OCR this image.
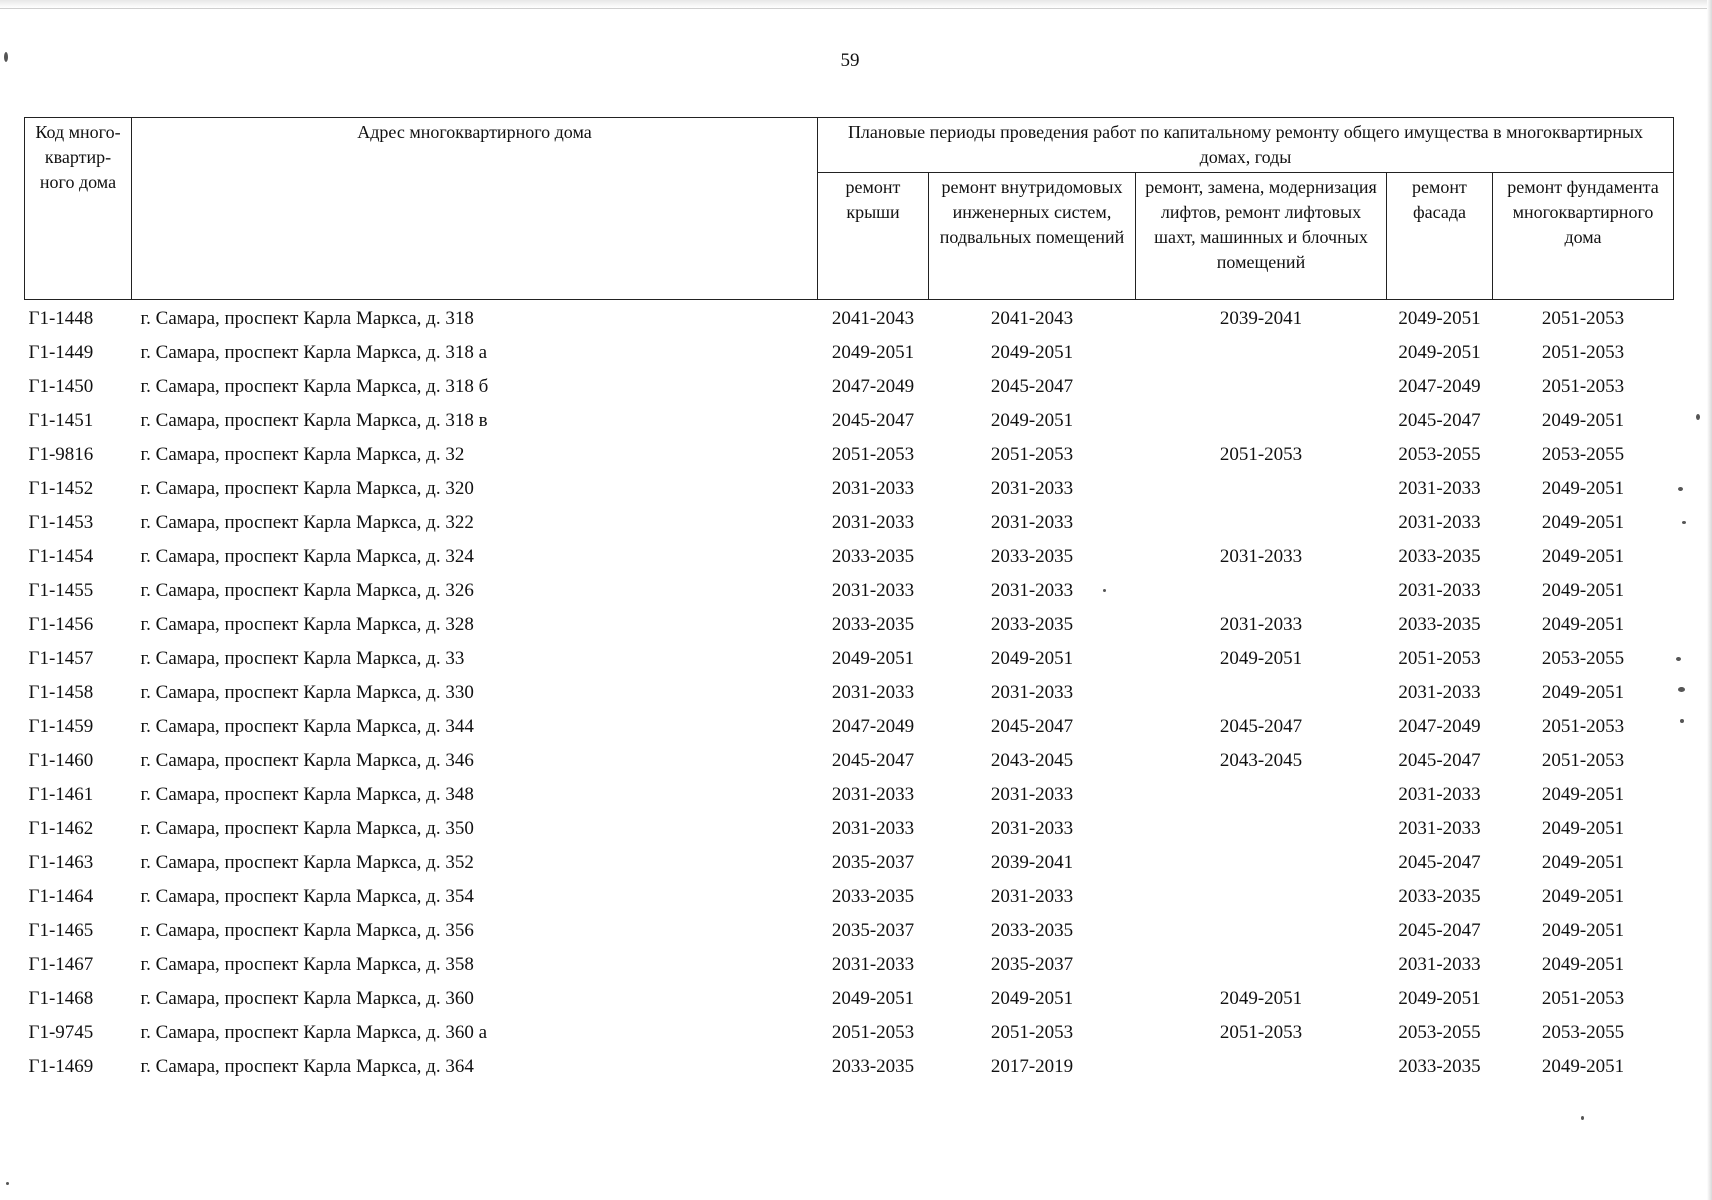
59
Код много-квартир-ного дома	Адрес многоквартирного дома	Плановые периоды проведения работ по капитальному ремонту общего имущества в многоквартирных домах, годы				
		ремонт крыши	ремонт внутридомовых инженерных систем, подвальных помещений	ремонт, замена, модернизация лифтов, ремонт лифтовых шахт, машинных и блочных помещений	ремонт фасада	ремонт фундамента многоквартирного дома
Г1-1448	г. Самара, проспект Карла Маркса, д. 318	2041-2043	2041-2043	2039-2041	2049-2051	2051-2053
Г1-1449	г. Самара, проспект Карла Маркса, д. 318 а	2049-2051	2049-2051		2049-2051	2051-2053
Г1-1450	г. Самара, проспект Карла Маркса, д. 318 б	2047-2049	2045-2047		2047-2049	2051-2053
Г1-1451	г. Самара, проспект Карла Маркса, д. 318 в	2045-2047	2049-2051		2045-2047	2049-2051
Г1-9816	г. Самара, проспект Карла Маркса, д. 32	2051-2053	2051-2053	2051-2053	2053-2055	2053-2055
Г1-1452	г. Самара, проспект Карла Маркса, д. 320	2031-2033	2031-2033		2031-2033	2049-2051
Г1-1453	г. Самара, проспект Карла Маркса, д. 322	2031-2033	2031-2033		2031-2033	2049-2051
Г1-1454	г. Самара, проспект Карла Маркса, д. 324	2033-2035	2033-2035	2031-2033	2033-2035	2049-2051
Г1-1455	г. Самара, проспект Карла Маркса, д. 326	2031-2033	2031-2033		2031-2033	2049-2051
Г1-1456	г. Самара, проспект Карла Маркса, д. 328	2033-2035	2033-2035	2031-2033	2033-2035	2049-2051
Г1-1457	г. Самара, проспект Карла Маркса, д. 33	2049-2051	2049-2051	2049-2051	2051-2053	2053-2055
Г1-1458	г. Самара, проспект Карла Маркса, д. 330	2031-2033	2031-2033		2031-2033	2049-2051
Г1-1459	г. Самара, проспект Карла Маркса, д. 344	2047-2049	2045-2047	2045-2047	2047-2049	2051-2053
Г1-1460	г. Самара, проспект Карла Маркса, д. 346	2045-2047	2043-2045	2043-2045	2045-2047	2051-2053
Г1-1461	г. Самара, проспект Карла Маркса, д. 348	2031-2033	2031-2033		2031-2033	2049-2051
Г1-1462	г. Самара, проспект Карла Маркса, д. 350	2031-2033	2031-2033		2031-2033	2049-2051
Г1-1463	г. Самара, проспект Карла Маркса, д. 352	2035-2037	2039-2041		2045-2047	2049-2051
Г1-1464	г. Самара, проспект Карла Маркса, д. 354	2033-2035	2031-2033		2033-2035	2049-2051
Г1-1465	г. Самара, проспект Карла Маркса, д. 356	2035-2037	2033-2035		2045-2047	2049-2051
Г1-1467	г. Самара, проспект Карла Маркса, д. 358	2031-2033	2035-2037		2031-2033	2049-2051
Г1-1468	г. Самара, проспект Карла Маркса, д. 360	2049-2051	2049-2051	2049-2051	2049-2051	2051-2053
Г1-9745	г. Самара, проспект Карла Маркса, д. 360 а	2051-2053	2051-2053	2051-2053	2053-2055	2053-2055
Г1-1469	г. Самара, проспект Карла Маркса, д. 364	2033-2035	2017-2019		2033-2035	2049-2051
